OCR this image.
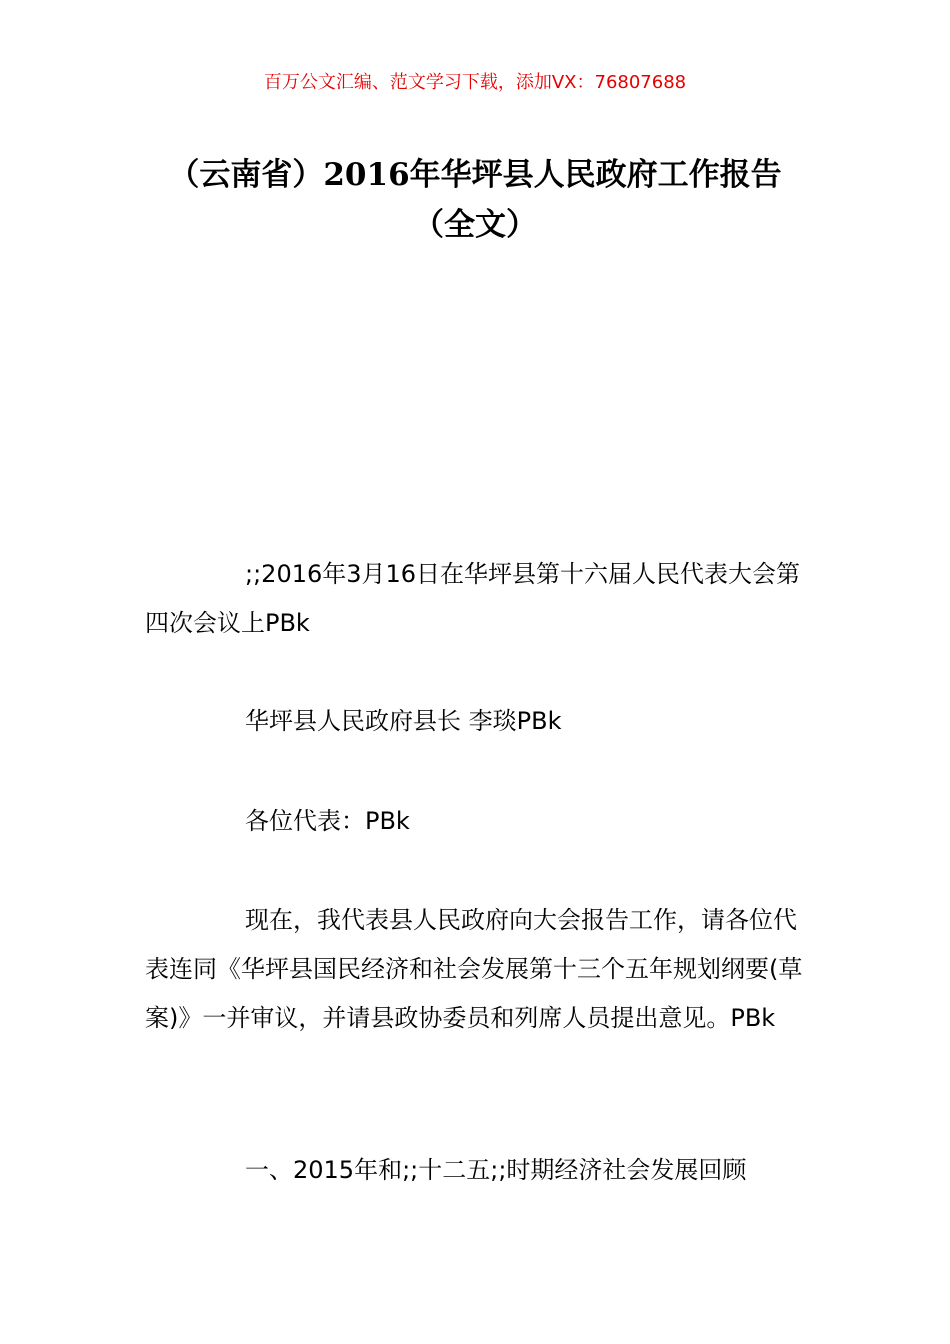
百万公文汇编、范文学习下载，添加VX：76807688
（云南省）2016年华坪县人民政府工作报告（全文）

;;2016年3月16日在华坪县第十六届人民代表大会第四次会议上PBk

华坪县人民政府县长 李琰PBk

各位代表：PBk

现在，我代表县人民政府向大会报告工作，请各位代表连同《华坪县国民经济和社会发展第十三个五年规划纲要(草案)》一并审议，并请县政协委员和列席人员提出意见。PBk

一、2015年和;;十二五;;时期经济社会发展回顾
